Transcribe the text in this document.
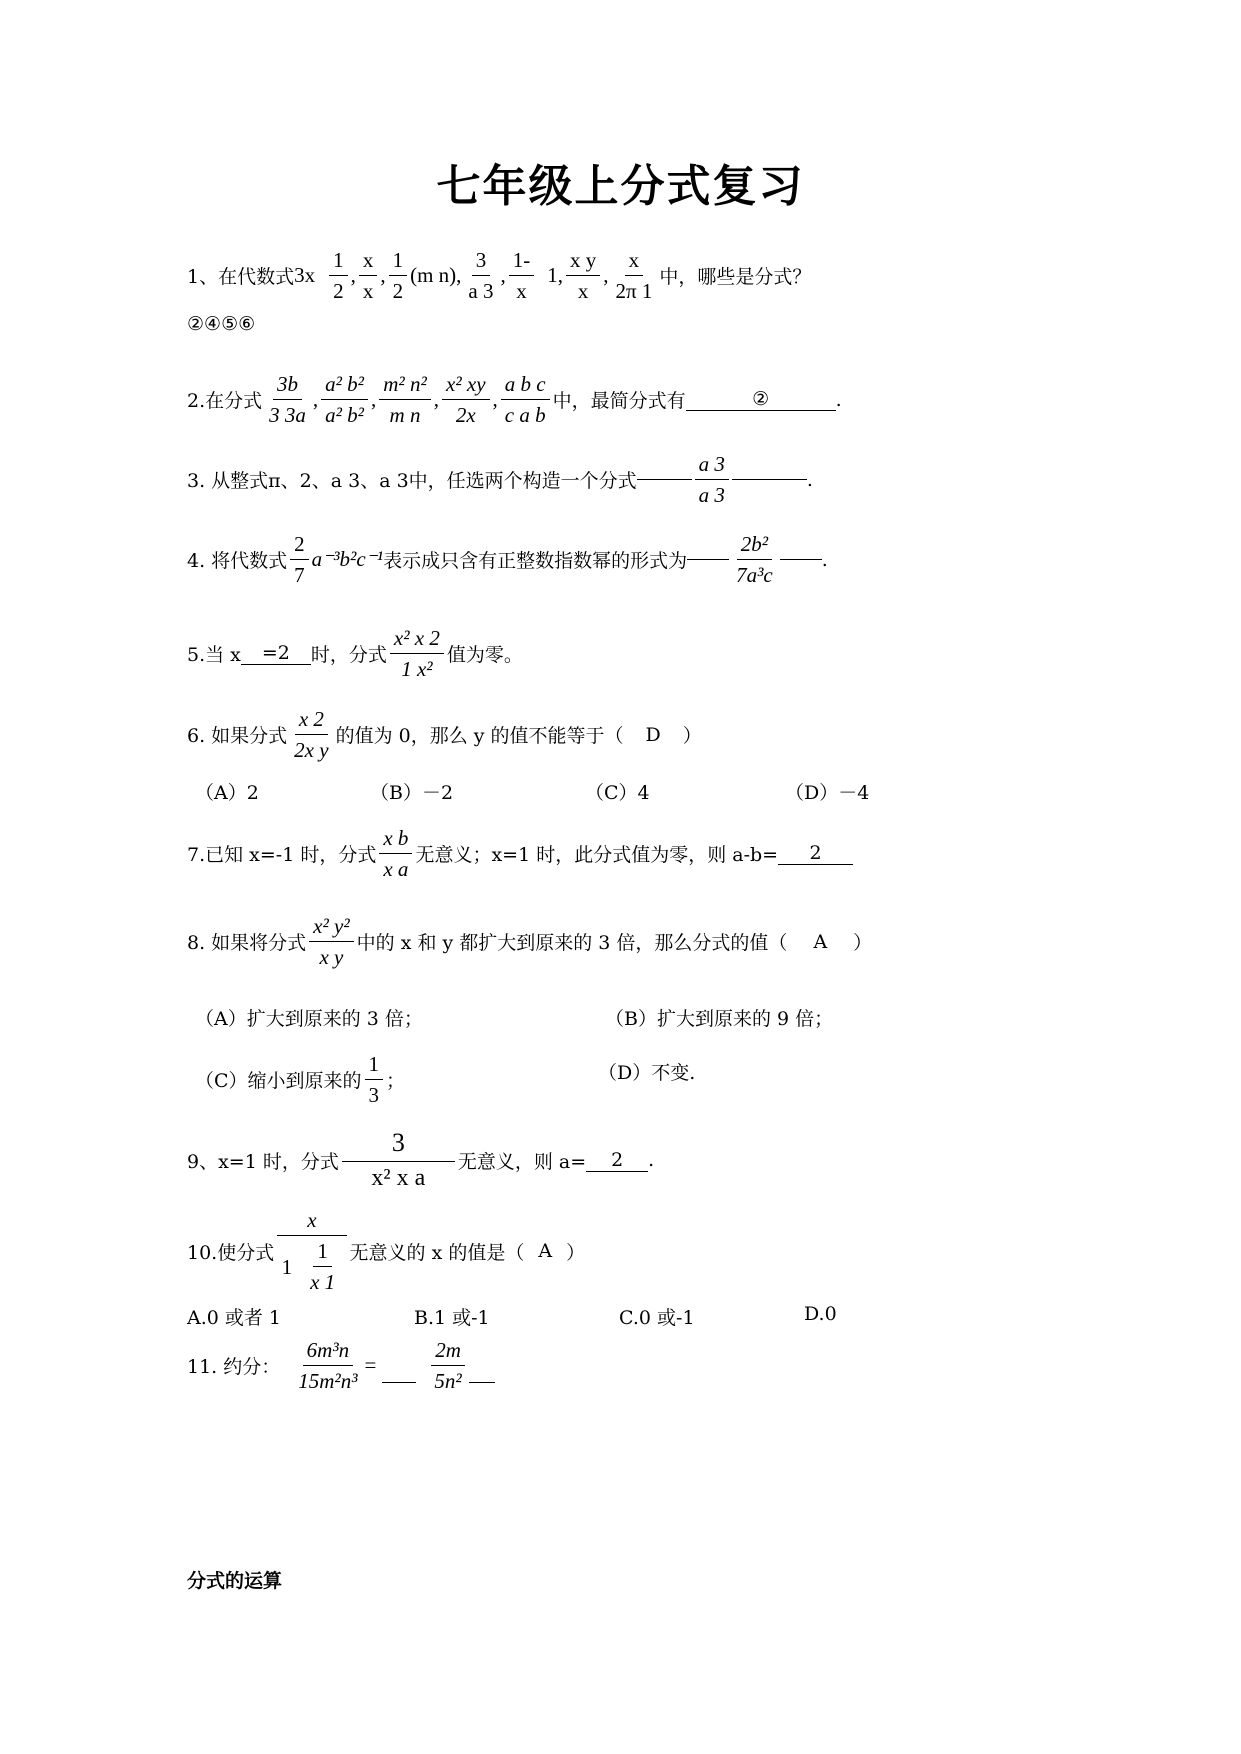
七年级上分式复习
1、在代数式 $3x \frac{1}{2}$ , $\frac{x}{x}$ , $\frac{1}{2} (m$ n), $\frac{3}{a 3}$ , $\frac{1-}{x} 1$, $\frac{\text{x y}}{x}$ , $\frac{x}{2\pi 1}$ 中，哪些是分式？
②④⑤⑥
2.在分式 $\frac{3b}{3 3a}$ , $\frac{\text{a² b²}}{\text{a² b²}}$ , $\frac{\text{m² n²}}{\text{m n}}$ , $\frac{\text{x² xy}}{2x}$ , $\frac{\text{a b c}}{\text{c a b}}$ 中，最简分式有	②	.
3. 从整式π、2、a 3、a 3中，任选两个构造一个分式	$\frac{a 3}{a 3}$	.
4. 将代数式 $\frac{2}{7} a^{-3}b^2c^{-1}$ 表示成只含有正整数指数幂的形式为 $\frac{\text{2b²}}{\text{7a³c}}$ .
5.当 x	=2	时，分式 $\frac{\text{x² x 2}}{\text{1 x²}}$ 值为零。
6. 如果分式 $\frac{x 2}{\text{2x y}}$ 的值为 0，那么 y 的值不能等于（ D ）
（A）2	（B）－2	（C）4	（D）－4
7.已知 x=-1 时，分式 $\frac{\text{x b}}{\text{x a}}$ 无意义；x=1 时，此分式值为零，则 a-b=	2
8. 如果将分式 $\frac{\text{x² y²}}{\text{x y}}$ 中的 x 和 y 都扩大到原来的 3 倍，那么分式的值（ A ）
（A）扩大到原来的 3 倍；	（B）扩大到原来的 9 倍；
（C）缩小到原来的 $\frac{1}{3}$ ；	（D）不变.
9、x=1 时，分式 $\frac{3}{\text{x² x a}}$ 无意义，则 a=	2	.
10.使分式 $\frac{x}{1 \frac{1}{x 1}}$ 无意义的 x 的值是（ A ）
A.0 或者 1	B.1 或-1	C.0 或-1	D.0
11. 约分： $\frac{\text{6m³n}}{\text{15m²n³}}$ =	$\frac{2m}{\text{5n²}}$
分式的运算
